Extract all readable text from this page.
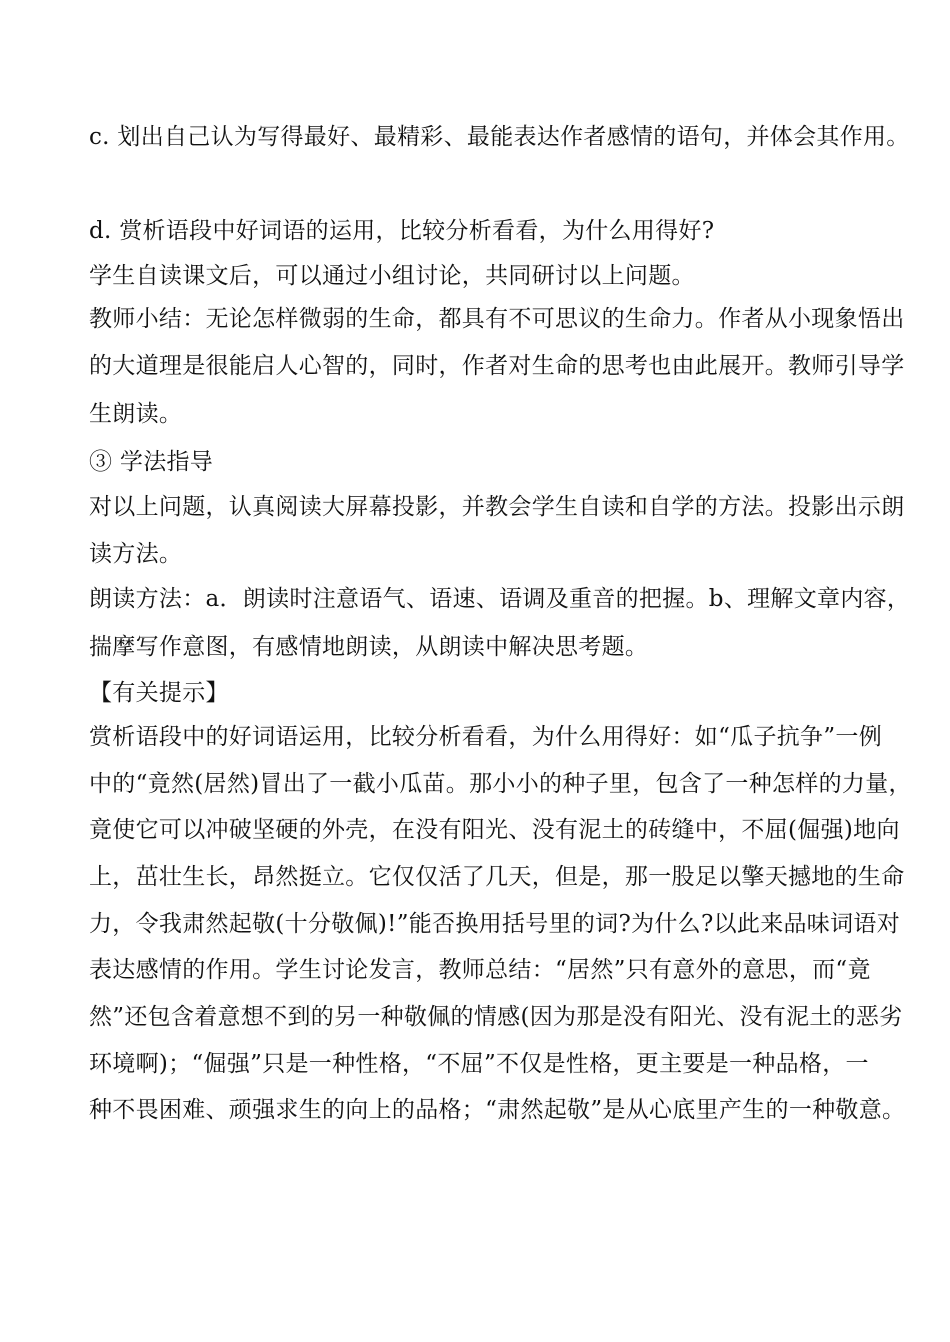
c. 划出自己认为写得最好、最精彩、最能表达作者感情的语句，并体会其作用。
d. 赏析语段中好词语的运用，比较分析看看，为什么用得好?
学生自读课文后，可以通过小组讨论，共同研讨以上问题。
教师小结：无论怎样微弱的生命，都具有不可思议的生命力。作者从小现象悟出
的大道理是很能启人心智的，同时，作者对生命的思考也由此展开。教师引导学
生朗读。
③ 学法指导
对以上问题，认真阅读大屏幕投影，并教会学生自读和自学的方法。投影出示朗
读方法。
朗读方法：a．朗读时注意语气、语速、语调及重音的把握。b、理解文章内容，
揣摩写作意图，有感情地朗读，从朗读中解决思考题。
【有关提示】
赏析语段中的好词语运用，比较分析看看，为什么用得好：如“瓜子抗争”一例
中的“竟然(居然)冒出了一截小瓜苗。那小小的种子里，包含了一种怎样的力量，
竟使它可以冲破坚硬的外壳，在没有阳光、没有泥土的砖缝中，不屈(倔强)地向
上，茁壮生长，昂然挺立。它仅仅活了几天，但是，那一股足以擎天撼地的生命
力，令我肃然起敬(十分敬佩)!”能否换用括号里的词?为什么?以此来品味词语对
表达感情的作用。学生讨论发言，教师总结：“居然”只有意外的意思，而“竟
然”还包含着意想不到的另一种敬佩的情感(因为那是没有阳光、没有泥土的恶劣
环境啊)；“倔强”只是一种性格，“不屈”不仅是性格，更主要是一种品格，一
种不畏困难、顽强求生的向上的品格；“肃然起敬”是从心底里产生的一种敬意。
